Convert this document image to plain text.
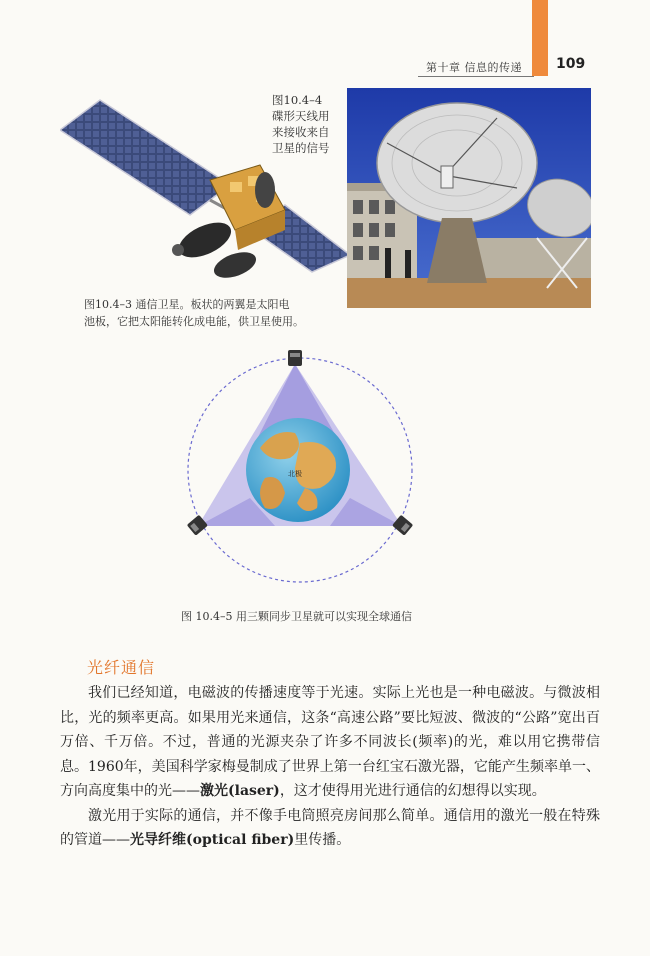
第十章 信息的传递 109
图10.4–4
碟形天线用
来接收来自
卫星的信号
图10.4–3 通信卫星。板状的两翼是太阳电
池板，它把太阳能转化成电能，供卫星使用。
北极
图 10.4–5 用三颗同步卫星就可以实现全球通信
光纤通信

我们已经知道，电磁波的传播速度等于光速。实际上光也是一种电磁波。与微波相比，光的频率更高。如果用光来通信，这条“高速公路”要比短波、微波的“公路”宽出百万倍、千万倍。不过，普通的光源夹杂了许多不同波长(频率)的光，难以用它携带信息。1960年，美国科学家梅曼制成了世界上第一台红宝石激光器，它能产生频率单一、方向高度集中的光——激光(laser)，这才使得用光进行通信的幻想得以实现。

激光用于实际的通信，并不像手电筒照亮房间那么简单。通信用的激光一般在特殊的管道——光导纤维(optical fiber)里传播。
